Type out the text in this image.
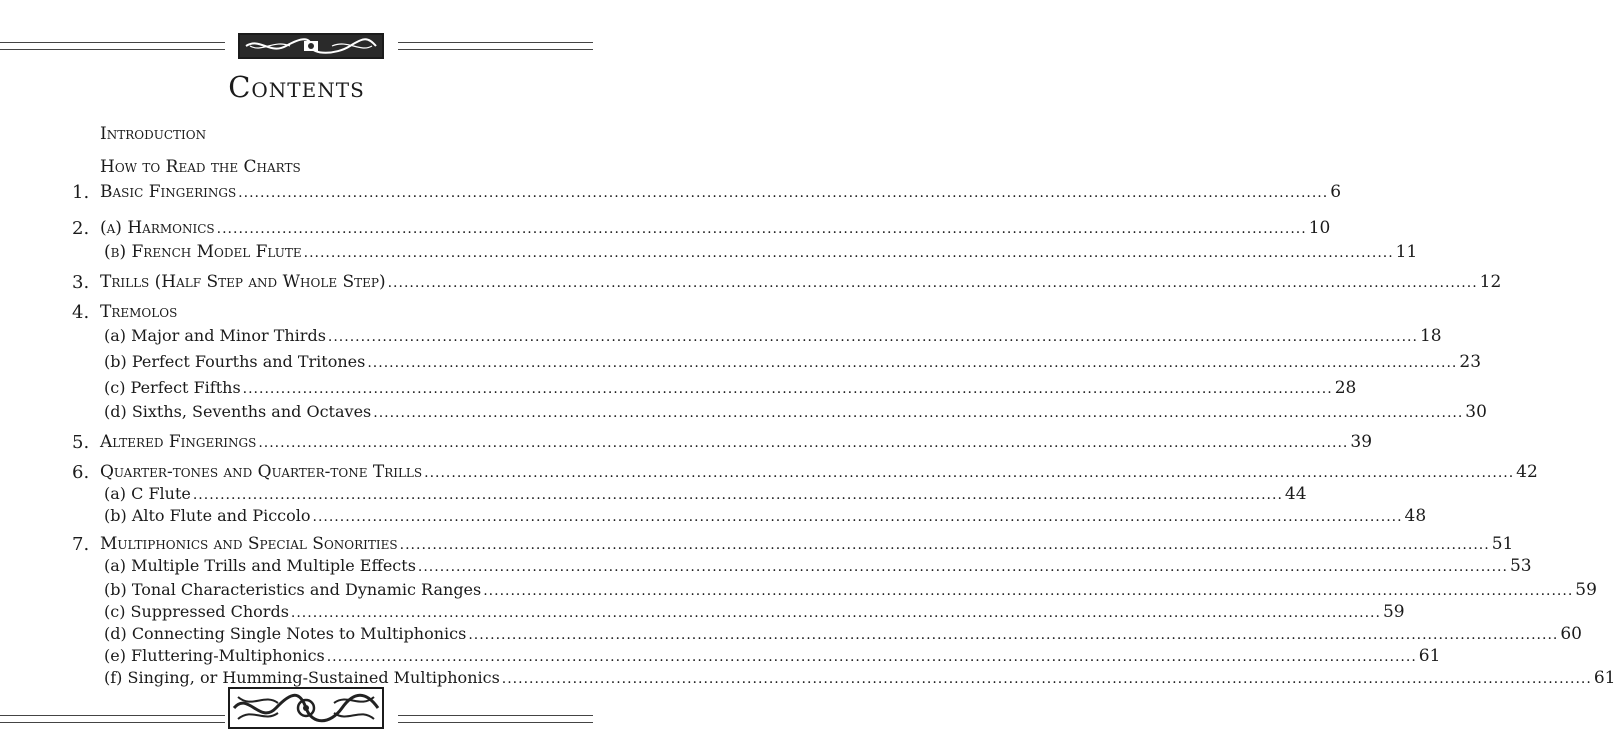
Contents
Introduction
How to Read the Charts
1. Basic Fingerings ........................................................................................................................................................................................................ 6
2. (a) Harmonics ........................................................................................................................................................................................................ 10
(b) French Model Flute ........................................................................................................................................................................................................ 11
3. Trills (Half Step and Whole Step) ........................................................................................................................................................................................................ 12
4. Tremolos
(a) Major and Minor Thirds ........................................................................................................................................................................................................ 18
(b) Perfect Fourths and Tritones ........................................................................................................................................................................................................ 23
(c) Perfect Fifths ........................................................................................................................................................................................................ 28
(d) Sixths, Sevenths and Octaves ........................................................................................................................................................................................................ 30
5. Altered Fingerings ........................................................................................................................................................................................................ 39
6. Quarter-tones and Quarter-tone Trills ........................................................................................................................................................................................................ 42
(a) C Flute ........................................................................................................................................................................................................ 44
(b) Alto Flute and Piccolo ........................................................................................................................................................................................................ 48
7. Multiphonics and Special Sonorities ........................................................................................................................................................................................................ 51
(a) Multiple Trills and Multiple Effects ........................................................................................................................................................................................................ 53
(b) Tonal Characteristics and Dynamic Ranges ........................................................................................................................................................................................................ 59
(c) Suppressed Chords ........................................................................................................................................................................................................ 59
(d) Connecting Single Notes to Multiphonics ........................................................................................................................................................................................................ 60
(e) Fluttering-Multiphonics ........................................................................................................................................................................................................ 61
(f) Singing, or Humming-Sustained Multiphonics ........................................................................................................................................................................................................ 61
